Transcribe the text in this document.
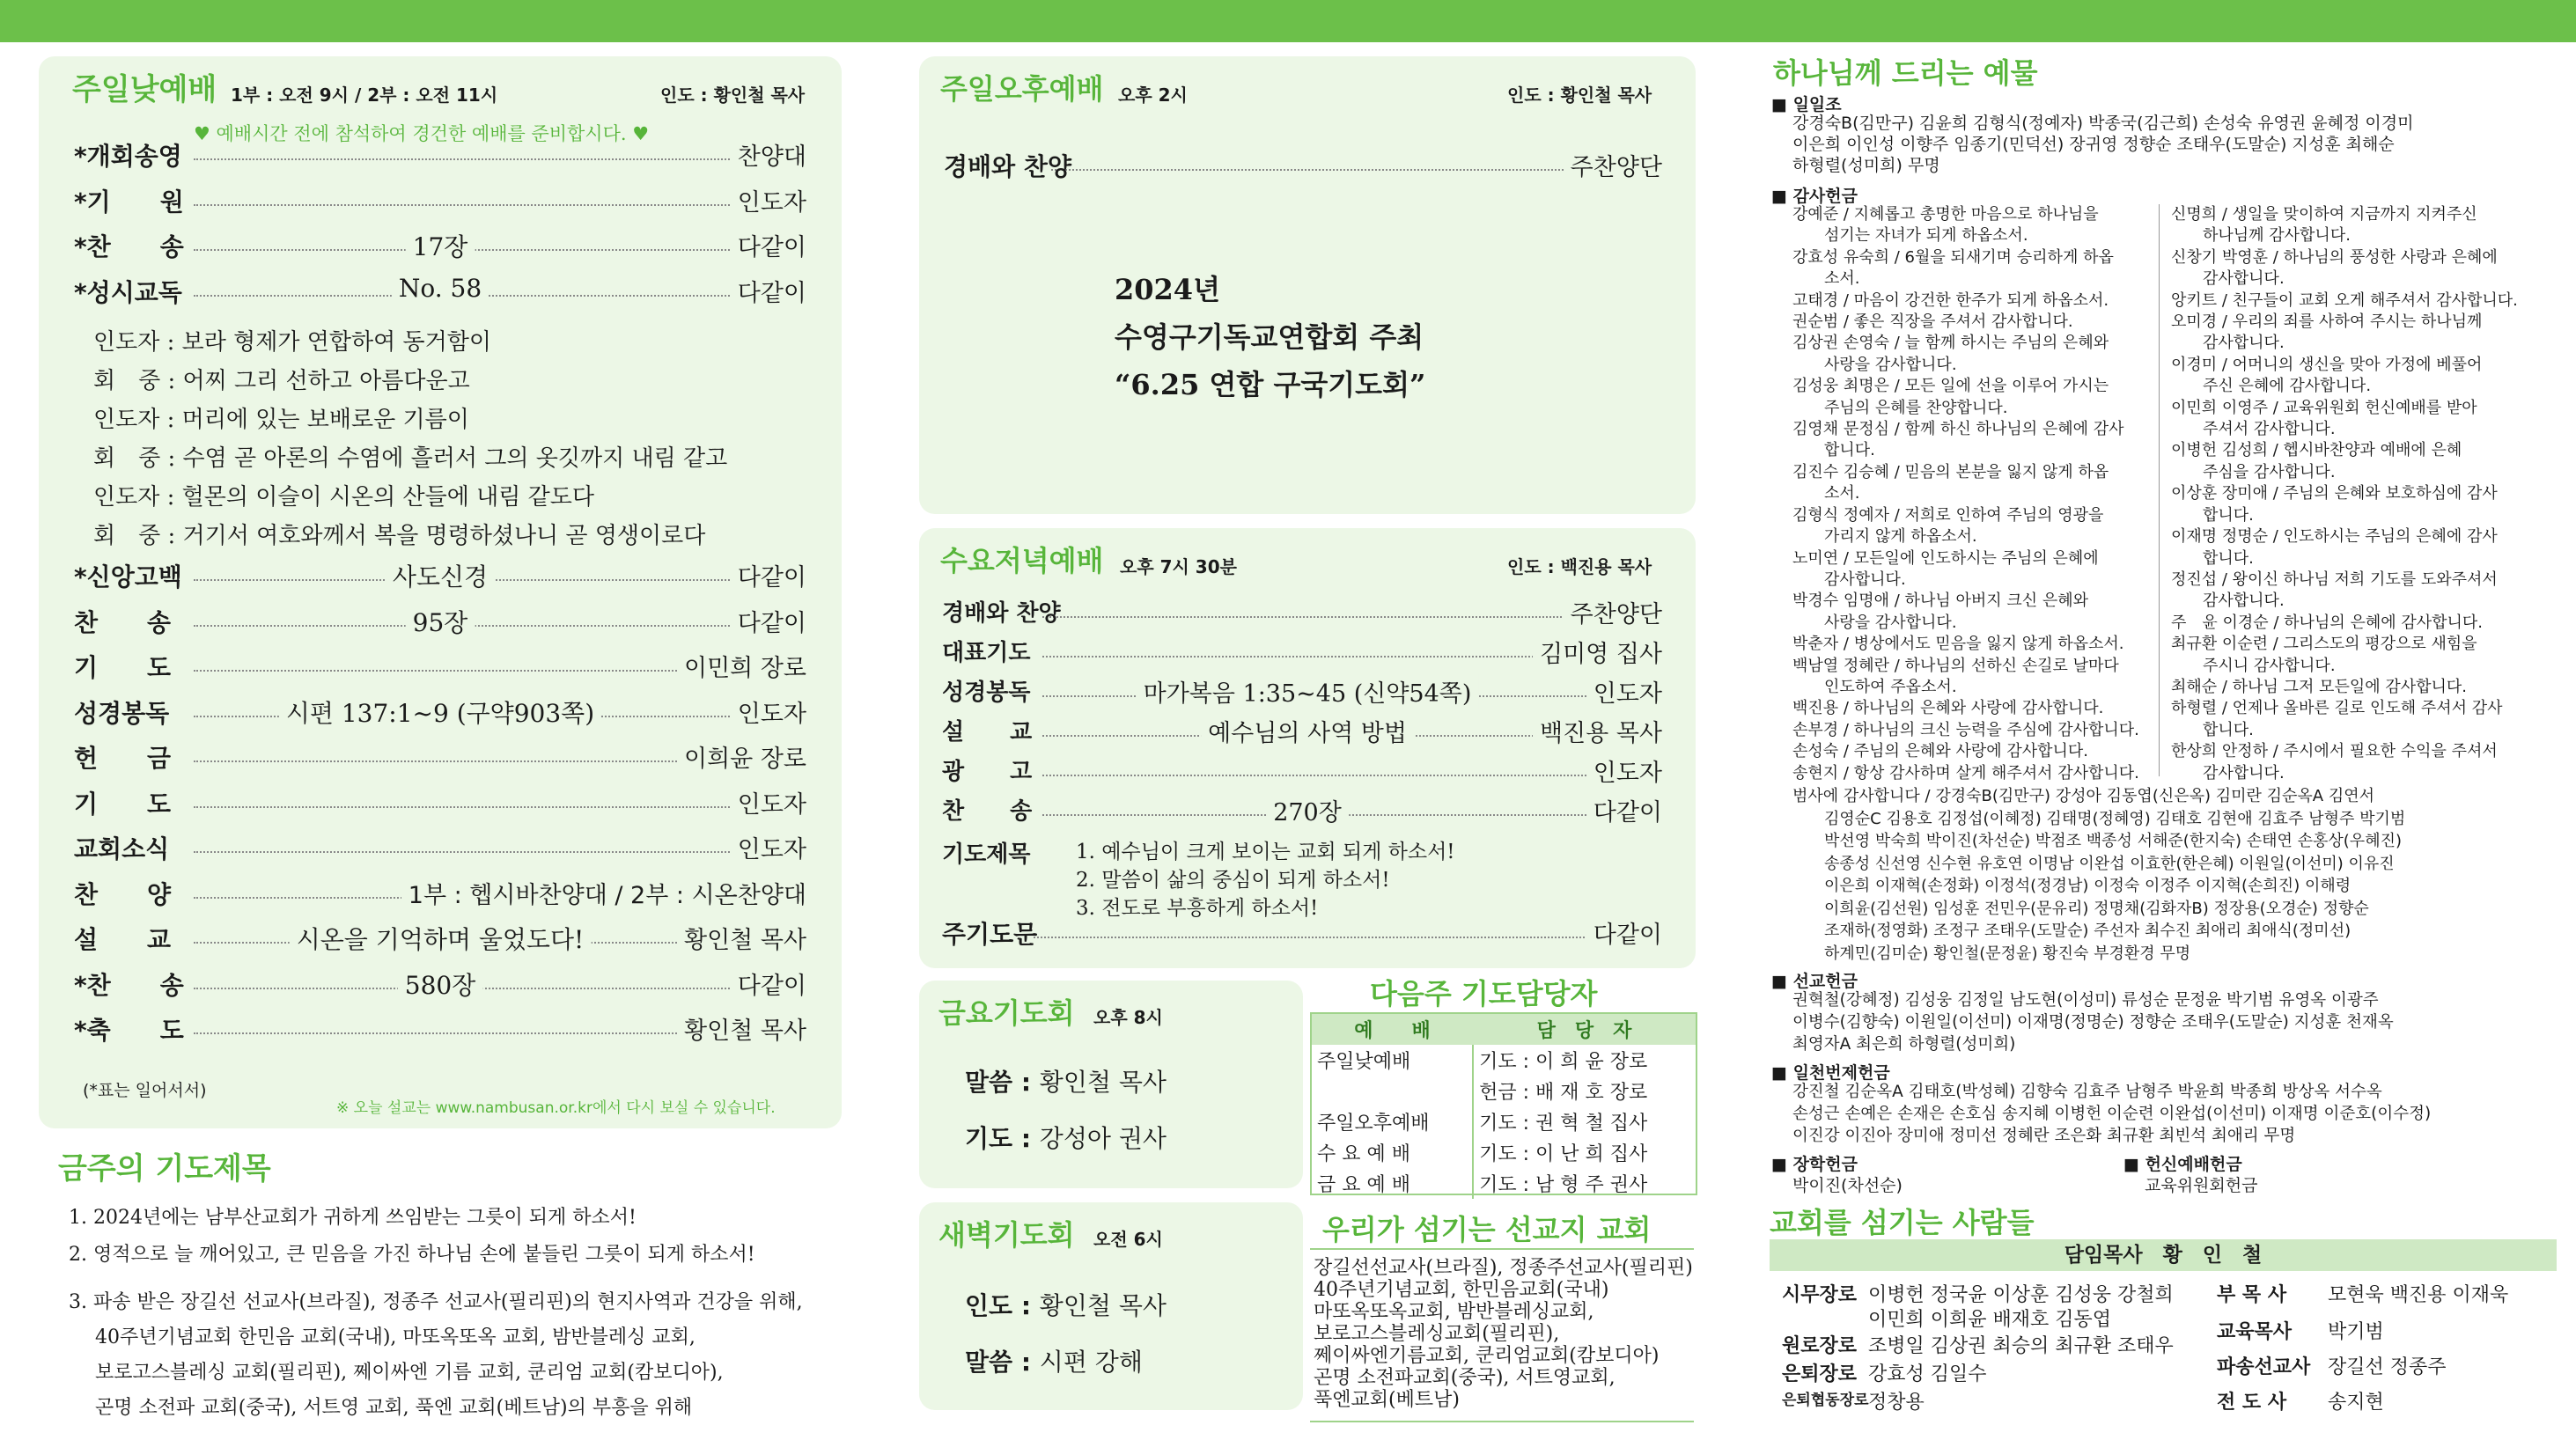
주일낮예배 1부 : 오전 9시 / 2부 : 오전 11시	인도 : 황인철 목사
♥ 예배시간 전에 참석하여 경건한 예배를 준비합시다. ♥
*개회송영	찬양대
*기　　원	인도자
*찬　　송	17장	다같이
*성시교독	No. 58	다같이
인도자 : 보라 형제가 연합하여 동거함이
회　중 : 어찌 그리 선하고 아름다운고
인도자 : 머리에 있는 보배로운 기름이
회　중 : 수염 곧 아론의 수염에 흘러서 그의 옷깃까지 내림 같고
인도자 : 헐몬의 이슬이 시온의 산들에 내림 같도다
회　중 : 거기서 여호와께서 복을 명령하셨나니 곧 영생이로다
*신앙고백	사도신경	다같이
찬　　송	95장	다같이
기　　도	이민희 장로
성경봉독	시편 137:1~9 (구약903쪽)	인도자
헌　　금	이희윤 장로
기　　도	인도자
교회소식	인도자
찬　　양	1부 : 헵시바찬양대 / 2부 : 시온찬양대
설　　교	시온을 기억하며 울었도다!	황인철 목사
*찬　　송	580장	다같이
*축　　도	황인철 목사
(*표는 일어서서)
※ 오늘 설교는 www.nambusan.or.kr에서 다시 보실 수 있습니다.
금주의 기도제목
1. 2024년에는 남부산교회가 귀하게 쓰임받는 그릇이 되게 하소서!
2. 영적으로 늘 깨어있고, 큰 믿음을 가진 하나님 손에 붙들린 그릇이 되게 하소서!
3. 파송 받은 장길선 선교사(브라질), 정종주 선교사(필리핀)의 현지사역과 건강을 위해,
40주년기념교회 한민음 교회(국내), 마또옥또옥 교회, 밤반블레싱 교회,
보로고스블레싱 교회(필리핀), 쩨이싸엔 기름 교회, 쿤리엄 교회(캄보디아),
곤명 소전파 교회(중국), 서트영 교회, 푹엔 교회(베트남)의 부흥을 위해
주일오후예배 오후 2시	인도 : 황인철 목사
경배와 찬양	주찬양단
2024년
수영구기독교연합회 주최
“6.25 연합 구국기도회”
수요저녁예배 오후 7시 30분	인도 : 백진용 목사
경배와 찬양	주찬양단
대표기도	김미영 집사
성경봉독	마가복음 1:35~45 (신약54쪽)	인도자
설　　교	예수님의 사역 방법	백진용 목사
광　　고	인도자
찬　　송	270장	다같이
기도제목 1. 예수님이 크게 보이는 교회 되게 하소서!
2. 말씀이 삶의 중심이 되게 하소서!
3. 전도로 부흥하게 하소서!
주기도문	다같이
금요기도회 오후 8시
말씀 : 황인철 목사
기도 : 강성아 권사
새벽기도회 오전 6시
인도 : 황인철 목사
말씀 : 시편 강해
다음주 기도담당자
예　　배	담　당　자
주일낮예배	기도 : 이 희 윤 장로
	헌금 : 배 재 호 장로
주일오후예배	기도 : 권 혁 철 집사
수 요 예 배	기도 : 이 난 희 집사
금 요 예 배	기도 : 남 형 주 권사
우리가 섬기는 선교지 교회
장길선선교사(브라질), 정종주선교사(필리핀)
40주년기념교회, 한민음교회(국내)
마또옥또옥교회, 밤반블레싱교회,
보로고스블레싱교회(필리핀),
쩨이싸엔기름교회, 쿤리엄교회(캄보디아)
곤명 소전파교회(중국), 서트영교회,
푹엔교회(베트남)
하나님께 드리는 예물
■ 일일조
강경숙B(김만구) 김윤희 김형식(정예자) 박종국(김근희) 손성숙 유영권 윤혜정 이경미
이은희 이인성 이향주 임종기(민덕선) 장귀영 정향순 조태우(도말순) 지성훈 최해순
하형렬(성미희) 무명
■ 감사헌금
강예준 / 지혜롭고 총명한 마음으로 하나님을
　　섬기는 자녀가 되게 하옵소서.
강효성 유숙희 / 6월을 되새기며 승리하게 하옵
　　소서.
고태경 / 마음이 강건한 한주가 되게 하옵소서.
권순범 / 좋은 직장을 주셔서 감사합니다.
김상권 손영숙 / 늘 함께 하시는 주님의 은혜와
　　사랑을 감사합니다.
김성웅 최명은 / 모든 일에 선을 이루어 가시는
　　주님의 은혜를 찬양합니다.
김영채 문정심 / 함께 하신 하나님의 은혜에 감사
　　합니다.
김진수 김승혜 / 믿음의 본분을 잃지 않게 하옵
　　소서.
김형식 정예자 / 저희로 인하여 주님의 영광을
　　가리지 않게 하옵소서.
노미연 / 모든일에 인도하시는 주님의 은혜에
　　감사합니다.
박경수 임명애 / 하나님 아버지 크신 은혜와
　　사랑을 감사합니다.
박춘자 / 병상에서도 믿음을 잃지 않게 하옵소서.
백남열 정혜란 / 하나님의 선하신 손길로 날마다
　　인도하여 주옵소서.
백진용 / 하나님의 은혜와 사랑에 감사합니다.
손부경 / 하나님의 크신 능력을 주심에 감사합니다.
손성숙 / 주님의 은혜와 사랑에 감사합니다.
송현지 / 항상 감사하며 살게 해주셔서 감사합니다.
신명희 / 생일을 맞이하여 지금까지 지켜주신
　　하나님께 감사합니다.
신창기 박영훈 / 하나님의 풍성한 사랑과 은혜에
　　감사합니다.
앙키트 / 친구들이 교회 오게 해주셔서 감사합니다.
오미경 / 우리의 죄를 사하여 주시는 하나님께
　　감사합니다.
이경미 / 어머니의 생신을 맞아 가정에 베풀어
　　주신 은혜에 감사합니다.
이민희 이영주 / 교육위원회 헌신예배를 받아
　　주셔서 감사합니다.
이병헌 김성희 / 헵시바찬양과 예배에 은혜
　　주심을 감사합니다.
이상훈 장미애 / 주님의 은혜와 보호하심에 감사
　　합니다.
이재명 정명순 / 인도하시는 주님의 은혜에 감사
　　합니다.
정진섭 / 왕이신 하나님 저희 기도를 도와주셔서
　　감사합니다.
주　윤 이경순 / 하나님의 은혜에 감사합니다.
최규환 이순련 / 그리스도의 평강으로 새힘을
　　주시니 감사합니다.
최해순 / 하나님 그저 모든일에 감사합니다.
하형렬 / 언제나 올바른 길로 인도해 주셔서 감사
　　합니다.
한상희 안정하 / 주시에서 필요한 수익을 주셔서
　　감사합니다.
범사에 감사합니다 / 강경숙B(김만구) 강성아 김동엽(신은옥) 김미란 김순옥A 김연서
　　김영순C 김용호 김정섭(이혜정) 김태명(정혜영) 김태호 김현애 김효주 남형주 박기범
　　박선영 박숙희 박이진(차선순) 박점조 백종성 서해준(한지숙) 손태연 손홍상(우혜진)
　　송종성 신선영 신수현 유호연 이명남 이완섭 이효한(한은혜) 이원일(이선미) 이유진
　　이은희 이재혁(손정화) 이정석(정경남) 이정숙 이정주 이지혁(손희진) 이해령
　　이희윤(김선원) 임성훈 전민우(문유리) 정명채(김화자B) 정장용(오경순) 정향순
　　조재하(정영화) 조정구 조태우(도말순) 주선자 최수진 최애리 최애식(정미선)
　　하계민(김미순) 황인철(문정윤) 황진숙 부경환경 무명
■ 선교헌금
권혁철(강혜정) 김성웅 김정일 남도현(이성미) 류성순 문정윤 박기범 유영옥 이광주
이병수(김향숙) 이원일(이선미) 이재명(정명순) 정향순 조태우(도말순) 지성훈 천재옥
최영자A 최은희 하형렬(성미희)
■ 일천번제헌금
강진철 김순옥A 김태호(박성혜) 김향숙 김효주 남형주 박윤희 박종희 방상옥 서수옥
손성근 손예은 손재은 손호심 송지혜 이병헌 이순련 이완섭(이선미) 이재명 이준호(이수정)
이진강 이진아 장미애 정미선 정혜란 조은화 최규환 최빈석 최애리 무명
■ 장학헌금
박이진(차선순)
■ 헌신예배헌금
교육위원회헌금
교회를 섬기는 사람들
담임목사　황　인　철
시무장로 이병헌 정국윤 이상훈 김성웅 강철희
이민희 이희윤 배재호 김동엽
원로장로 조병일 김상권 최승의 최규환 조태우
은퇴장로 강효성 김일수
은퇴협동장로 정창용
부 목 사 모현욱 백진용 이재욱
교육목사 박기범
파송선교사 장길선 정종주
전 도 사 송지현
